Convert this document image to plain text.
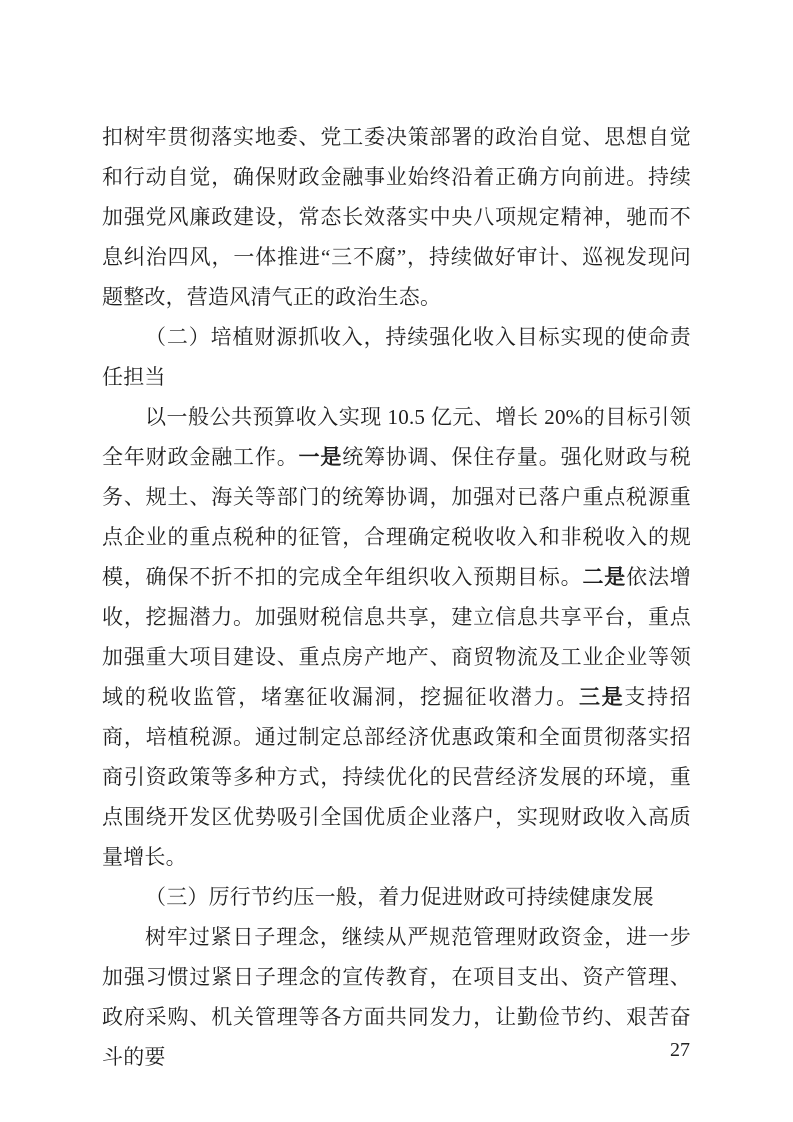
扣树牢贯彻落实地委、党工委决策部署的政治自觉、思想自觉和行动自觉，确保财政金融事业始终沿着正确方向前进。持续加强党风廉政建设，常态长效落实中央八项规定精神，驰而不息纠治四风，一体推进“三不腐”，持续做好审计、巡视发现问题整改，营造风清气正的政治生态。

（二）培植财源抓收入，持续强化收入目标实现的使命责任担当

以一般公共预算收入实现 10.5 亿元、增长 20%的目标引领全年财政金融工作。一是统筹协调、保住存量。强化财政与税务、规土、海关等部门的统筹协调，加强对已落户重点税源重点企业的重点税种的征管，合理确定税收收入和非税收入的规模，确保不折不扣的完成全年组织收入预期目标。二是依法增收，挖掘潜力。加强财税信息共享，建立信息共享平台，重点加强重大项目建设、重点房产地产、商贸物流及工业企业等领域的税收监管，堵塞征收漏洞，挖掘征收潜力。三是支持招商，培植税源。通过制定总部经济优惠政策和全面贯彻落实招商引资政策等多种方式，持续优化的民营经济发展的环境，重点围绕开发区优势吸引全国优质企业落户，实现财政收入高质量增长。

（三）厉行节约压一般，着力促进财政可持续健康发展

树牢过紧日子理念，继续从严规范管理财政资金，进一步加强习惯过紧日子理念的宣传教育，在项目支出、资产管理、政府采购、机关管理等各方面共同发力，让勤俭节约、艰苦奋斗的要	27
